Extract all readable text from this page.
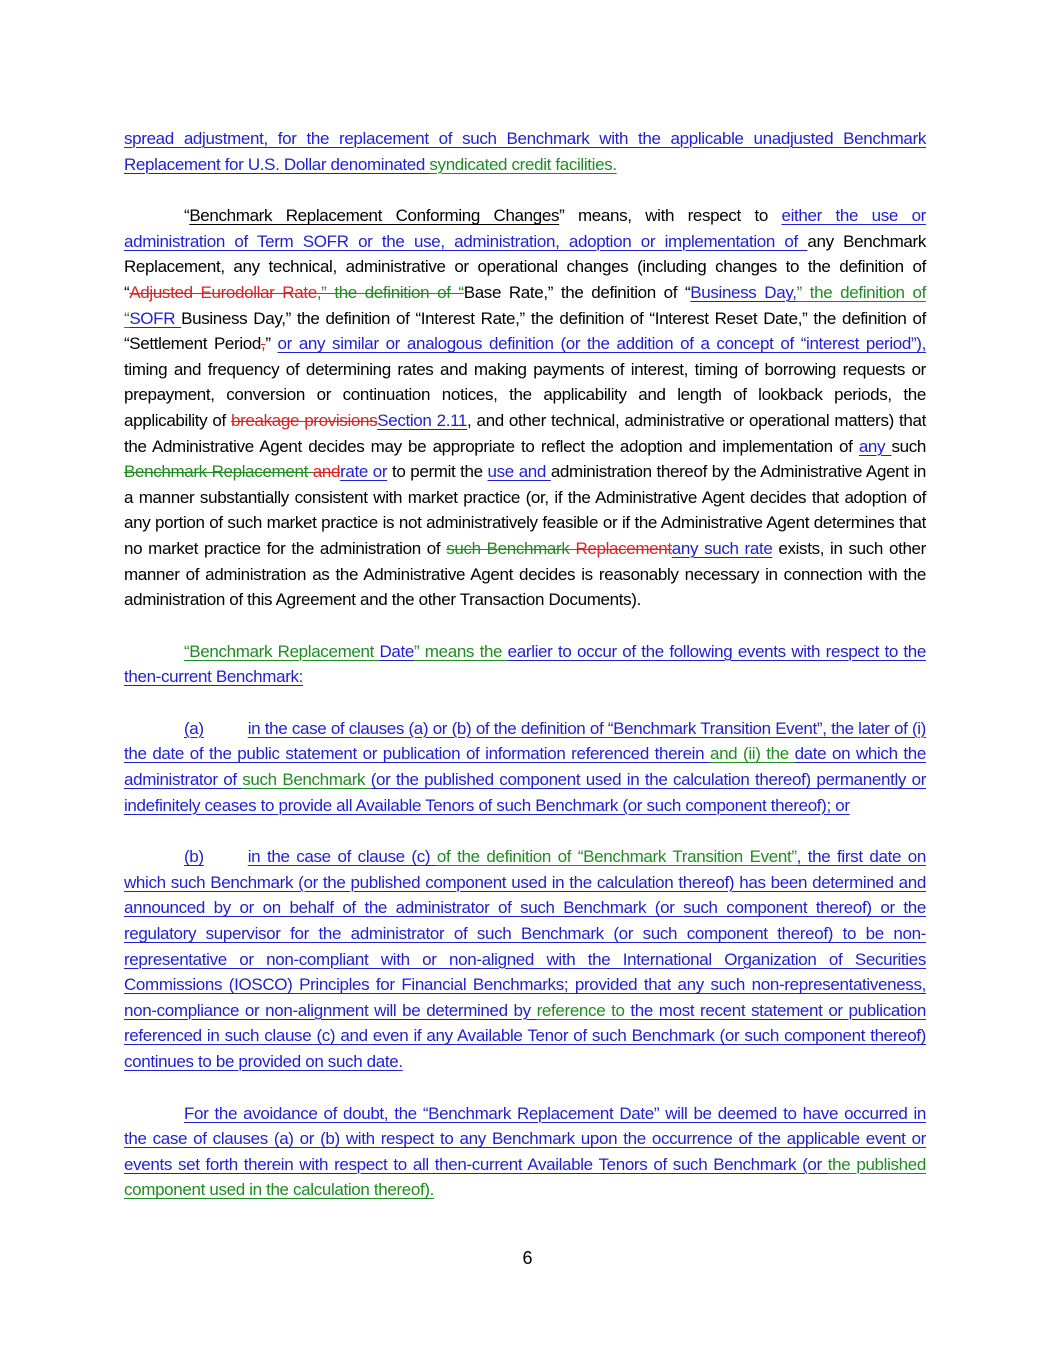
spread adjustment, for the replacement of such Benchmark with the applicable unadjusted Benchmark Replacement for U.S. Dollar denominated syndicated credit facilities.

“Benchmark Replacement Conforming Changes” means, with respect to either the use or administration of Term SOFR or the use, administration, adoption or implementation of any Benchmark Replacement, any technical, administrative or operational changes (including changes to the definition of “Adjusted Eurodollar Rate,” the definition of “Base Rate,” the definition of “Business Day,” the definition of “SOFR Business Day,” the definition of “Interest Rate,” the definition of “Interest Reset Date,” the definition of “Settlement Period,” or any similar or analogous definition (or the addition of a concept of “interest period”), timing and frequency of determining rates and making payments of interest, timing of borrowing requests or prepayment, conversion or continuation notices, the applicability and length of lookback periods, the applicability of breakage provisionsSection 2.11, and other technical, administrative or operational matters) that the Administrative Agent decides may be appropriate to reflect the adoption and implementation of any such Benchmark Replacement andrate or to permit the use and administration thereof by the Administrative Agent in a manner substantially consistent with market practice (or, if the Administrative Agent decides that adoption of any portion of such market practice is not administratively feasible or if the Administrative Agent determines that no market practice for the administration of such Benchmark Replacementany such rate exists, in such other manner of administration as the Administrative Agent decides is reasonably necessary in connection with the administration of this Agreement and the other Transaction Documents).

“Benchmark Replacement Date” means the earlier to occur of the following events with respect to the then-current Benchmark:

(a)	in the case of clauses (a) or (b) of the definition of “Benchmark Transition Event”, the later of (i) the date of the public statement or publication of information referenced therein and (ii) the date on which the administrator of such Benchmark (or the published component used in the calculation thereof) permanently or indefinitely ceases to provide all Available Tenors of such Benchmark (or such component thereof); or

(b)	in the case of clause (c) of the definition of “Benchmark Transition Event”, the first date on which such Benchmark (or the published component used in the calculation thereof) has been determined and announced by or on behalf of the administrator of such Benchmark (or such component thereof) or the regulatory supervisor for the administrator of such Benchmark (or such component thereof) to be non-representative or non-compliant with or non-aligned with the International Organization of Securities Commissions (IOSCO) Principles for Financial Benchmarks; provided that any such non-representativeness, non-compliance or non-alignment will be determined by reference to the most recent statement or publication referenced in such clause (c) and even if any Available Tenor of such Benchmark (or such component thereof) continues to be provided on such date.

For the avoidance of doubt, the “Benchmark Replacement Date” will be deemed to have occurred in the case of clauses (a) or (b) with respect to any Benchmark upon the occurrence of the applicable event or events set forth therein with respect to all then-current Available Tenors of such Benchmark (or the published component used in the calculation thereof).

6
